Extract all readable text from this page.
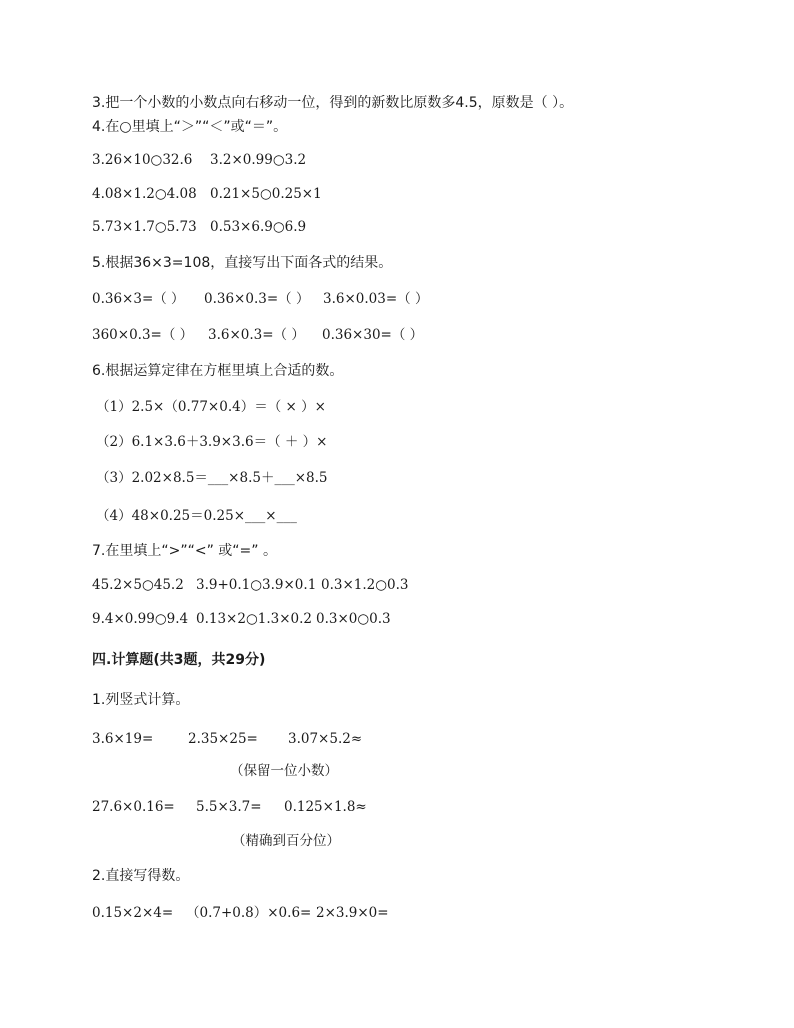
3.把一个小数的小数点向右移动一位，得到的新数比原数多4.5，原数是（ ）。
4.在○里填上“＞”“＜”或“＝”。
3.26×10○32.6 3.2×0.99○3.2
4.08×1.2○4.08 0.21×5○0.25×1
5.73×1.7○5.73 0.53×6.9○6.9
5.根据36×3=108，直接写出下面各式的结果。
0.36×3=（ ） 0.36×0.3=（ ） 3.6×0.03=（ ）
360×0.3=（ ） 3.6×0.3=（ ） 0.36×30=（ ）
6.根据运算定律在方框里填上合适的数。
（1）2.5×（0.77×0.4）＝（ × ）×
（2）6.1×3.6＋3.9×3.6＝（ ＋ ）×
（3）2.02×8.5＝___×8.5＋___×8.5
（4）48×0.25＝0.25×___×___
7.在里填上“>”“<” 或“=” 。
45.2×5○45.2 3.9+0.1○3.9×0.1 0.3×1.2○0.3
9.4×0.99○9.4 0.13×2○1.3×0.2 0.3×0○0.3
四.计算题(共3题，共29分)
1.列竖式计算。
3.6×19=	2.35×25= 3.07×5.2≈
（保留一位小数）
27.6×0.16= 5.5×3.7= 0.125×1.8≈
（精确到百分位）
2.直接写得数。
0.15×2×4= （0.7+0.8）×0.6= 2×3.9×0=
